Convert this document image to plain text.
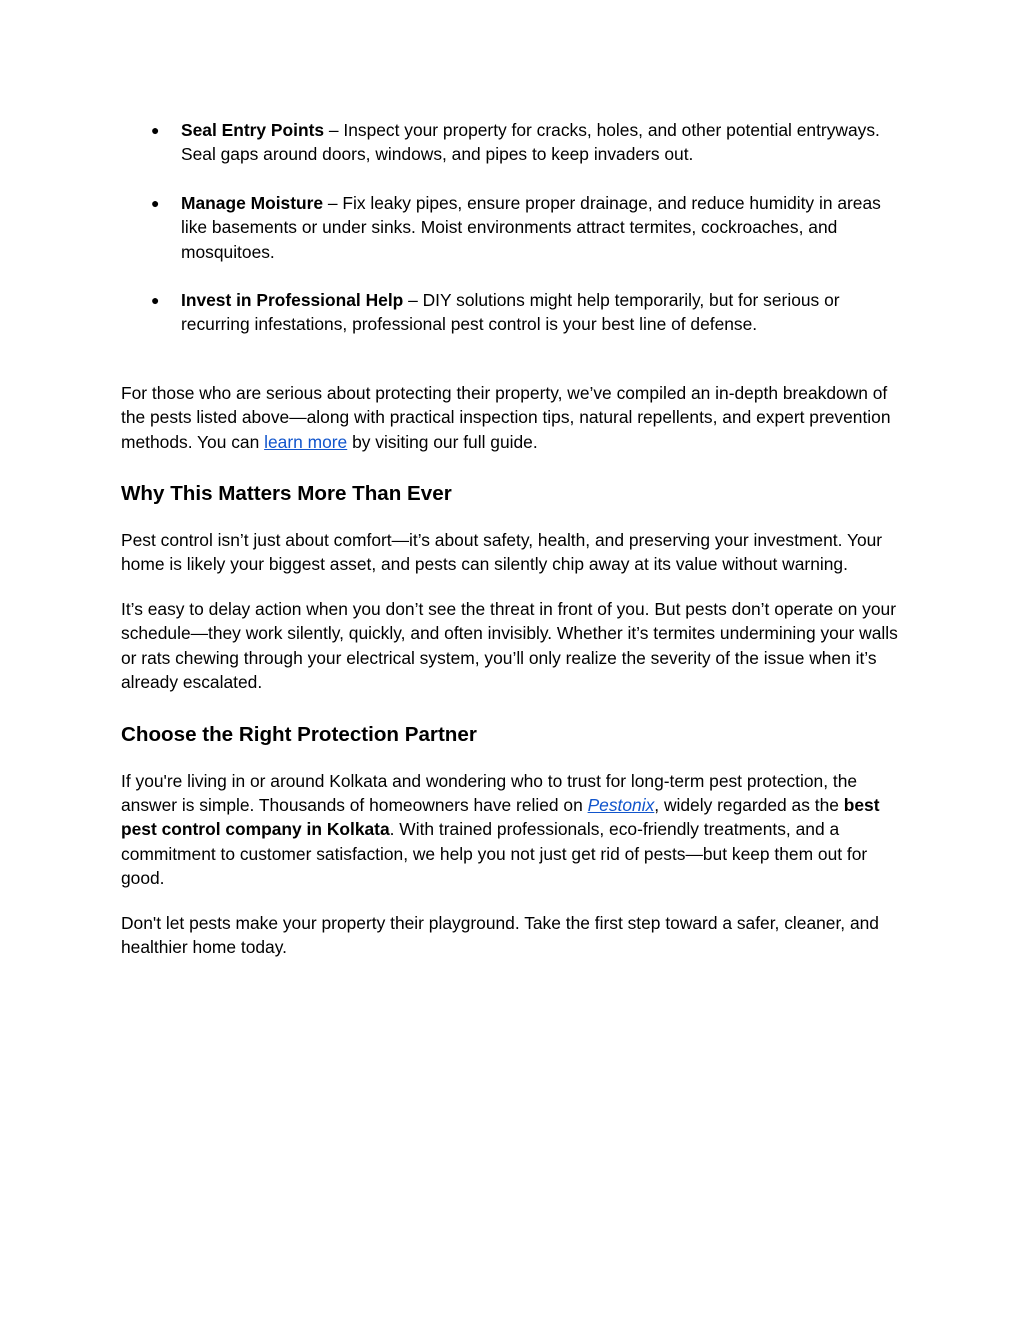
● Seal Entry Points – Inspect your property for cracks, holes, and other potential entryways. Seal gaps around doors, windows, and pipes to keep invaders out.
● Manage Moisture – Fix leaky pipes, ensure proper drainage, and reduce humidity in areas like basements or under sinks. Moist environments attract termites, cockroaches, and mosquitoes.
● Invest in Professional Help – DIY solutions might help temporarily, but for serious or recurring infestations, professional pest control is your best line of defense.

For those who are serious about protecting their property, we’ve compiled an in-depth breakdown of the pests listed above—along with practical inspection tips, natural repellents, and expert prevention methods. You can learn more by visiting our full guide.

Why This Matters More Than Ever

Pest control isn’t just about comfort—it’s about safety, health, and preserving your investment. Your home is likely your biggest asset, and pests can silently chip away at its value without warning.

It’s easy to delay action when you don’t see the threat in front of you. But pests don’t operate on your schedule—they work silently, quickly, and often invisibly. Whether it’s termites undermining your walls or rats chewing through your electrical system, you’ll only realize the severity of the issue when it’s already escalated.

Choose the Right Protection Partner

If you're living in or around Kolkata and wondering who to trust for long-term pest protection, the answer is simple. Thousands of homeowners have relied on Pestonix, widely regarded as the best pest control company in Kolkata. With trained professionals, eco-friendly treatments, and a commitment to customer satisfaction, we help you not just get rid of pests—but keep them out for good.

Don't let pests make your property their playground. Take the first step toward a safer, cleaner, and healthier home today.
